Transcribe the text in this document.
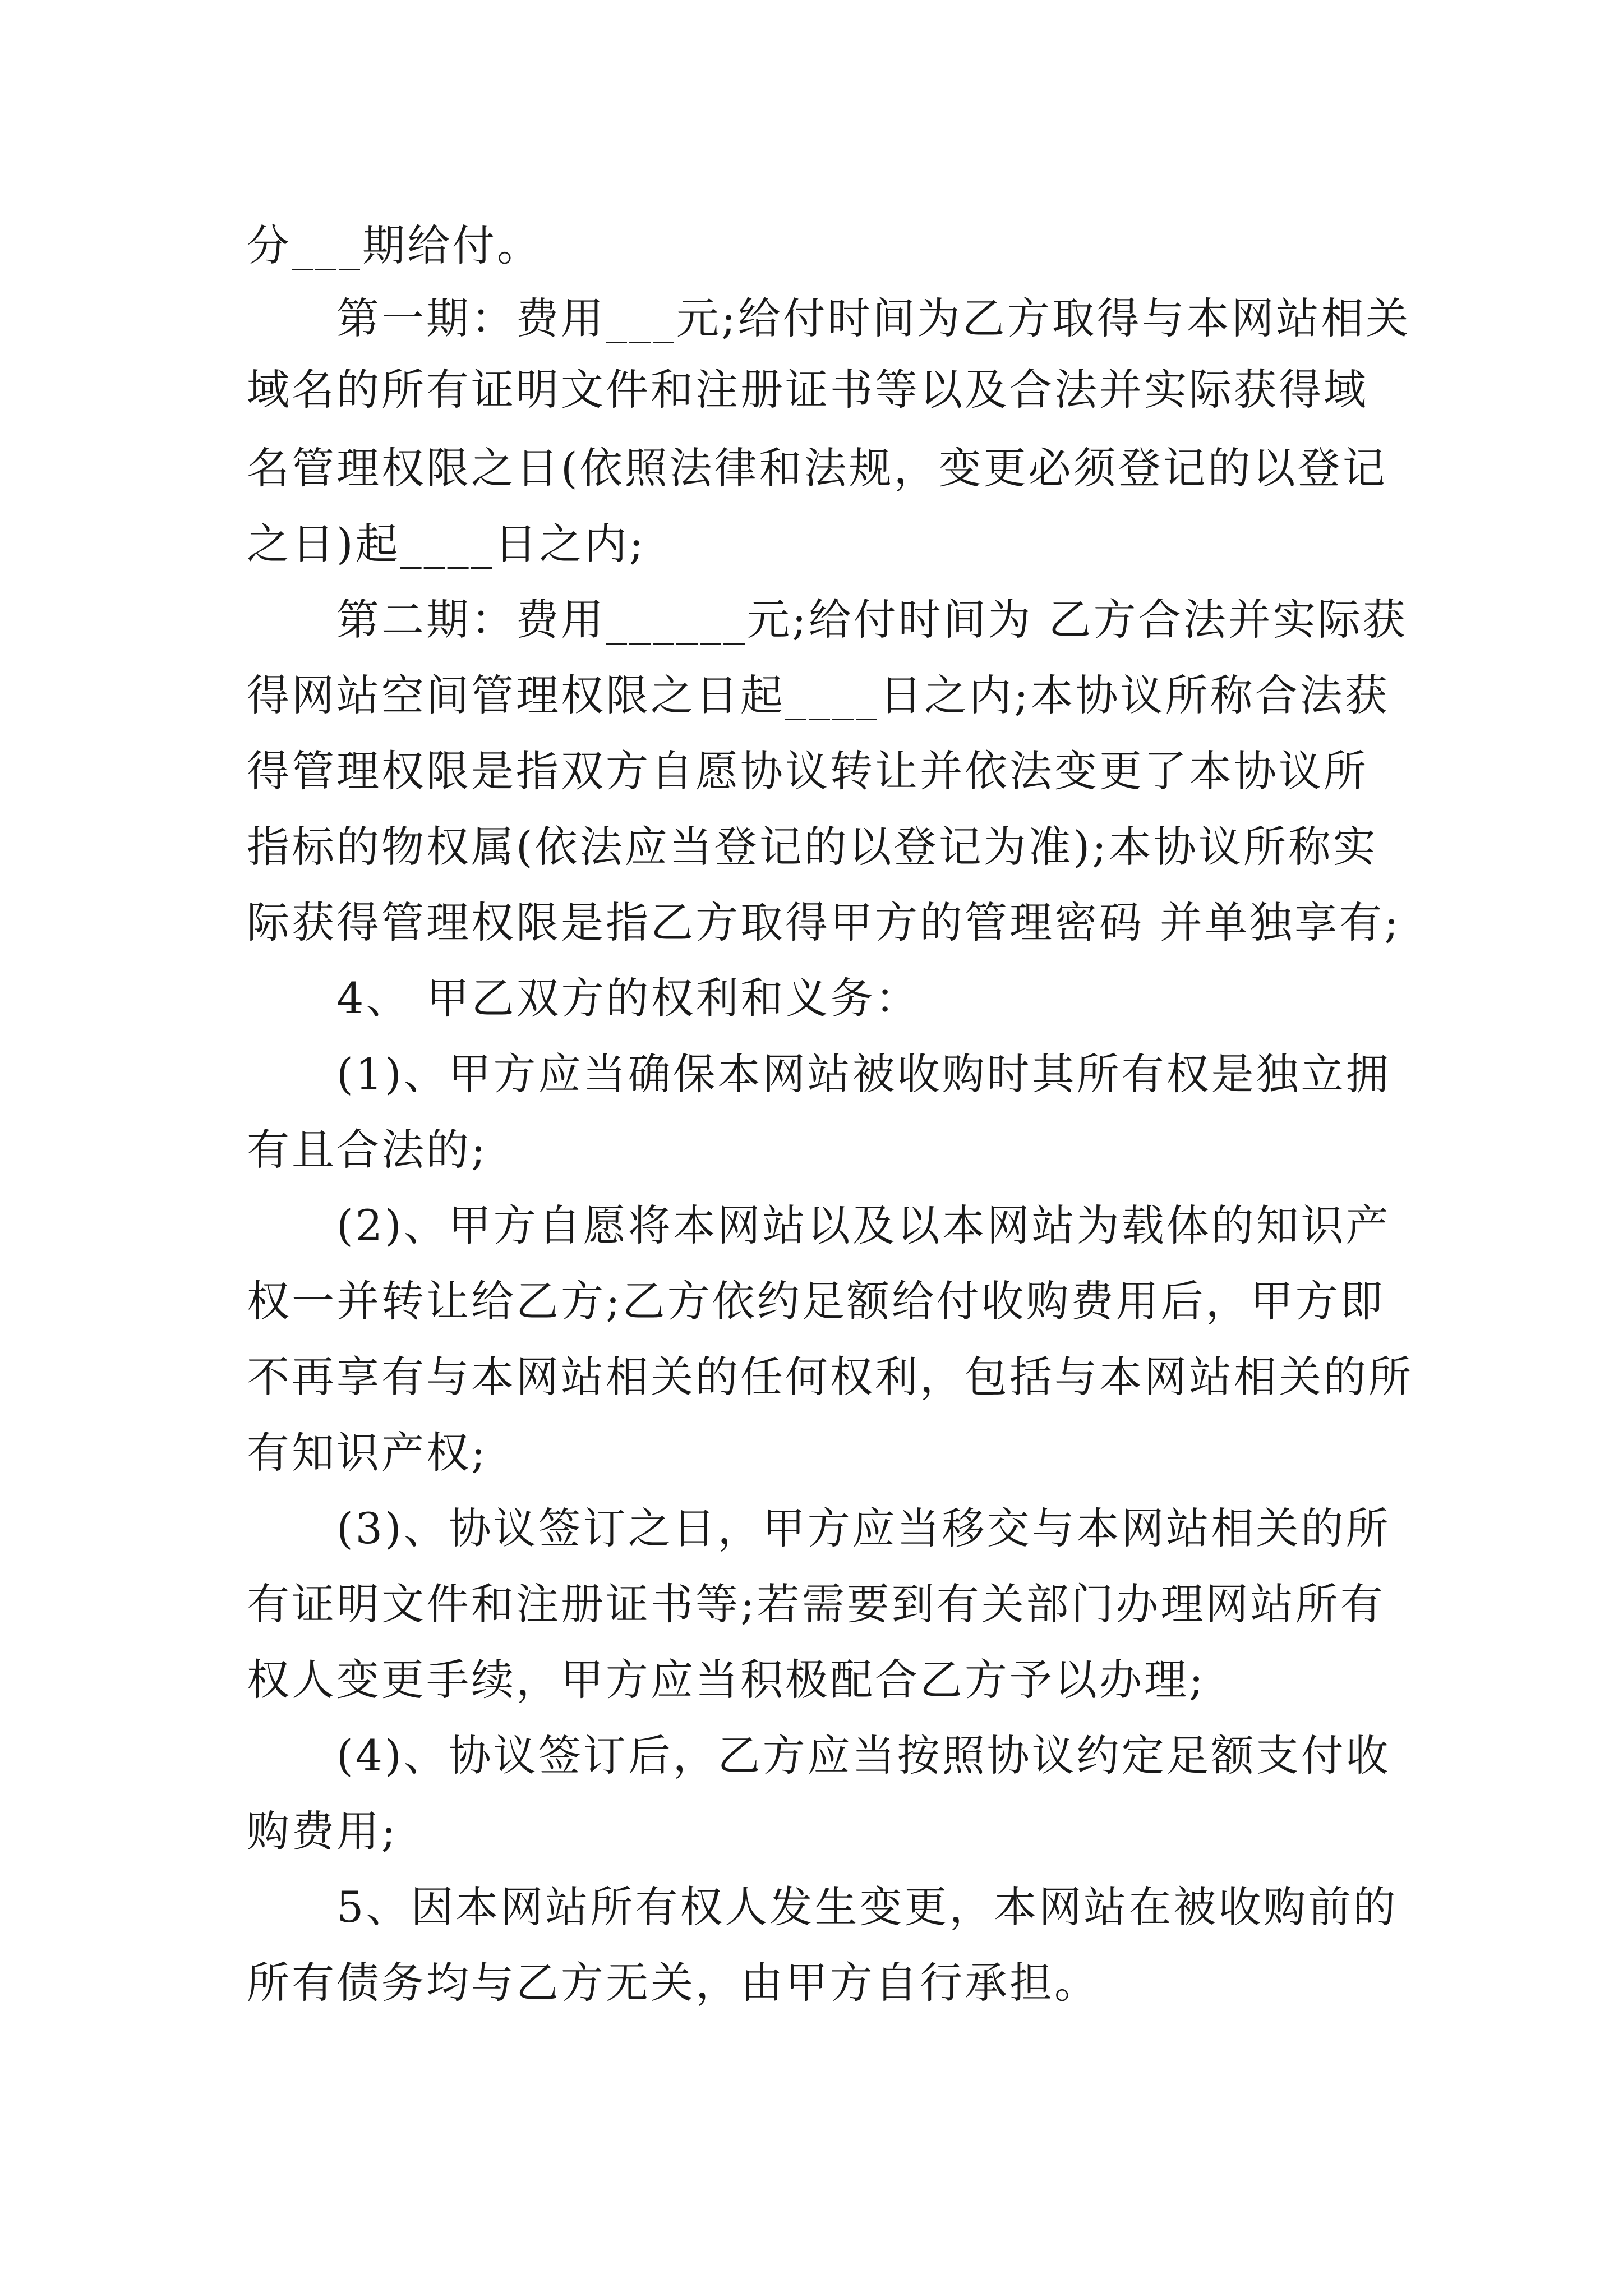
分___期给付。
第一期：费用___元;给付时间为乙方取得与本网站相关
域名的所有证明文件和注册证书等以及合法并实际获得域
名管理权限之日(依照法律和法规，变更必须登记的以登记
之日)起____日之内;
第二期：费用______元;给付时间为 乙方合法并实际获
得网站空间管理权限之日起____日之内;本协议所称合法获
得管理权限是指双方自愿协议转让并依法变更了本协议所
指标的物权属(依法应当登记的以登记为准);本协议所称实
际获得管理权限是指乙方取得甲方的管理密码 并单独享有;
4、 甲乙双方的权利和义务：
(1)、甲方应当确保本网站被收购时其所有权是独立拥
有且合法的;
(2)、甲方自愿将本网站以及以本网站为载体的知识产
权一并转让给乙方;乙方依约足额给付收购费用后，甲方即
不再享有与本网站相关的任何权利，包括与本网站相关的所
有知识产权;
(3)、协议签订之日，甲方应当移交与本网站相关的所
有证明文件和注册证书等;若需要到有关部门办理网站所有
权人变更手续，甲方应当积极配合乙方予以办理;
(4)、协议签订后，乙方应当按照协议约定足额支付收
购费用;
5、因本网站所有权人发生变更，本网站在被收购前的
所有债务均与乙方无关，由甲方自行承担。
